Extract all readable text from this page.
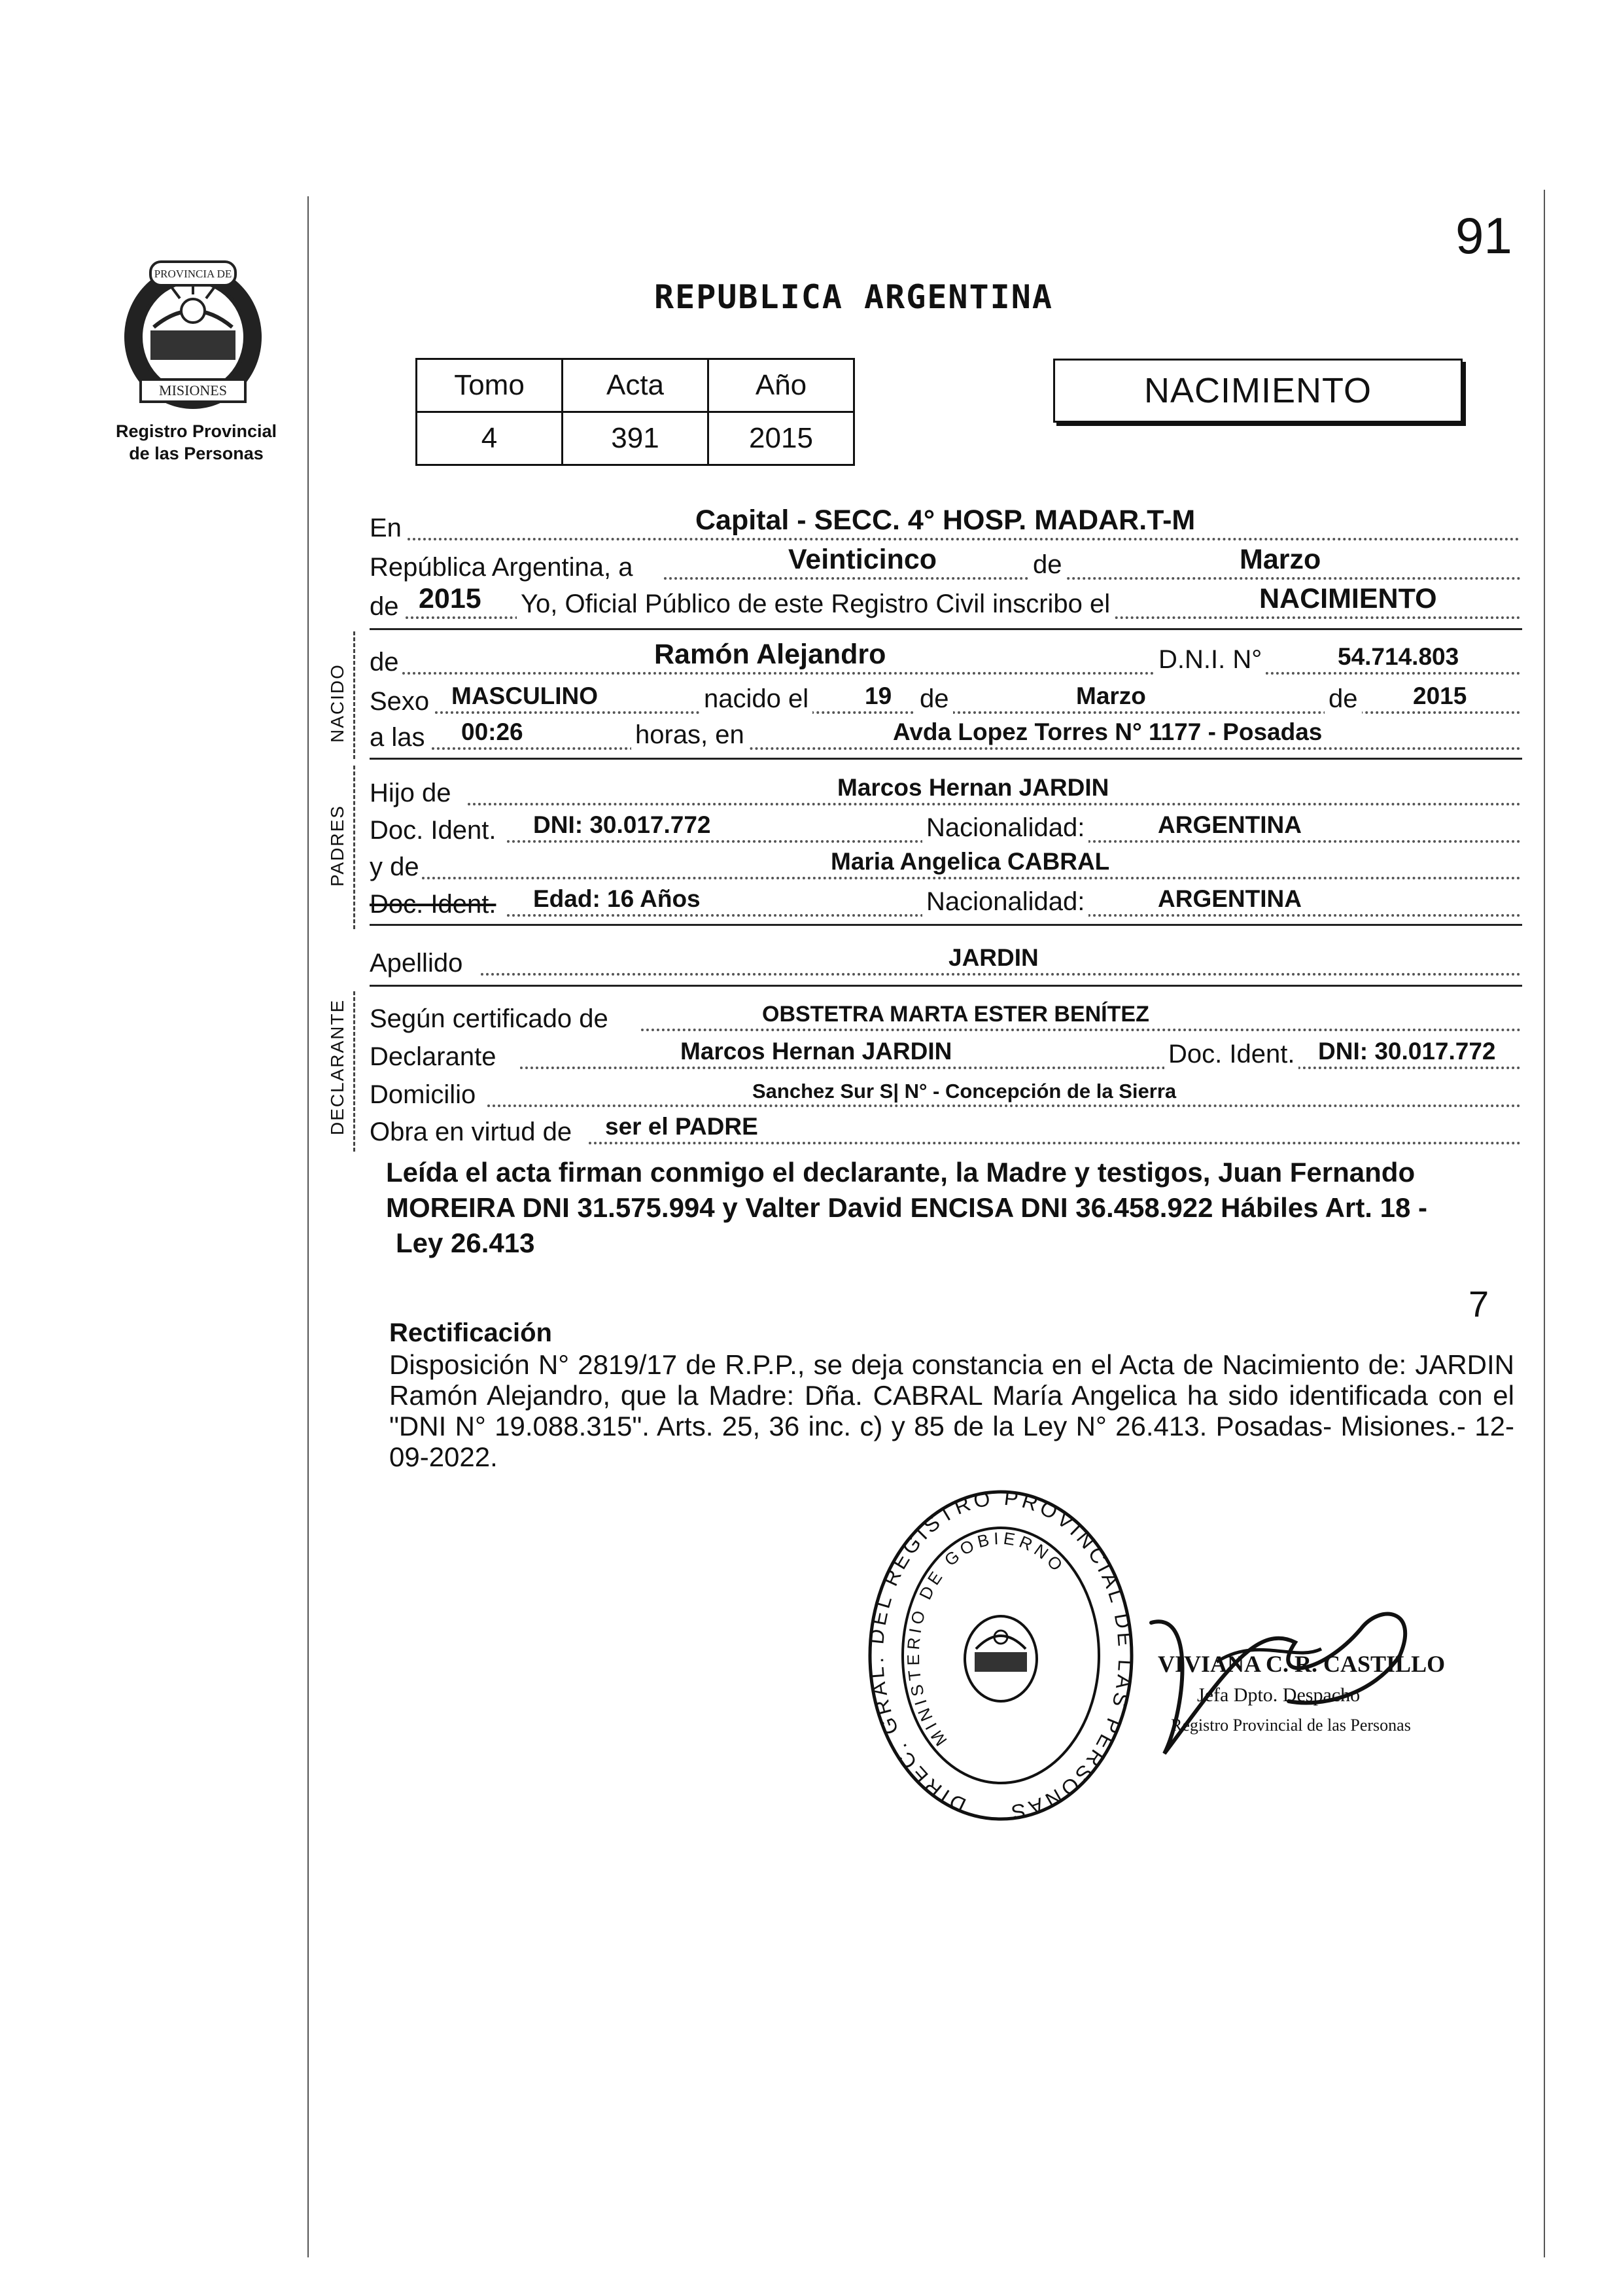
91
PROVINCIA DE
MISIONES
Registro Provincial
de las Personas
REPUBLICA ARGENTINA
Tomo	Acta	Año
4	391	2015
NACIMIENTO
En	Capital - SECC. 4° HOSP. MADAR.T-M
República Argentina, a	Veinticinco	de	Marzo
de 2015 Yo, Oficial Público de este Registro Civil inscribo el	NACIMIENTO
NACIDO
de	Ramón Alejandro	D.N.I. N°	54.714.803
Sexo MASCULINO	nacido el 19 de	Marzo	de 2015
a las 00:26	horas, en	Avda Lopez Torres N° 1177 - Posadas
PADRES
Hijo de	Marcos Hernan JARDIN
Doc. Ident. DNI: 30.017.772	Nacionalidad:	ARGENTINA
y de	Maria Angelica CABRAL
Doc. Ident. Edad: 16 Años	Nacionalidad:	ARGENTINA
Apellido	JARDIN
DECLARANTE Según certificado de	OBSTETRA MARTA ESTER BENÍTEZ
Declarante	Marcos Hernan JARDIN	Doc. Ident. DNI: 30.017.772
Domicilio	Sanchez Sur S| N° - Concepción de la Sierra
Obra en virtud de ser el PADRE
Leída el acta firman conmigo el declarante, la Madre y testigos, Juan Fernando
MOREIRA DNI 31.575.994 y Valter David ENCISA DNI 36.458.922 Hábiles Art. 18 -
Ley 26.413
7
Rectificación
Disposición N° 2819/17 de R.P.P., se deja constancia en el Acta de Nacimiento de: JARDIN Ramón Alejandro, que la Madre: Dña. CABRAL María Angelica ha sido identificada con el "DNI N° 19.088.315". Arts. 25, 36 inc. c) y 85 de la Ley N° 26.413. Posadas- Misiones.- 12-09-2022.
DIREC. GRAL. DEL REGISTRO PROVINCIAL DE LAS PERSONAS
MINISTERIO DE GOBIERNO
VIVIANA C. R. CASTILLO
Jefa Dpto. Despacho
Registro Provincial de las Personas
